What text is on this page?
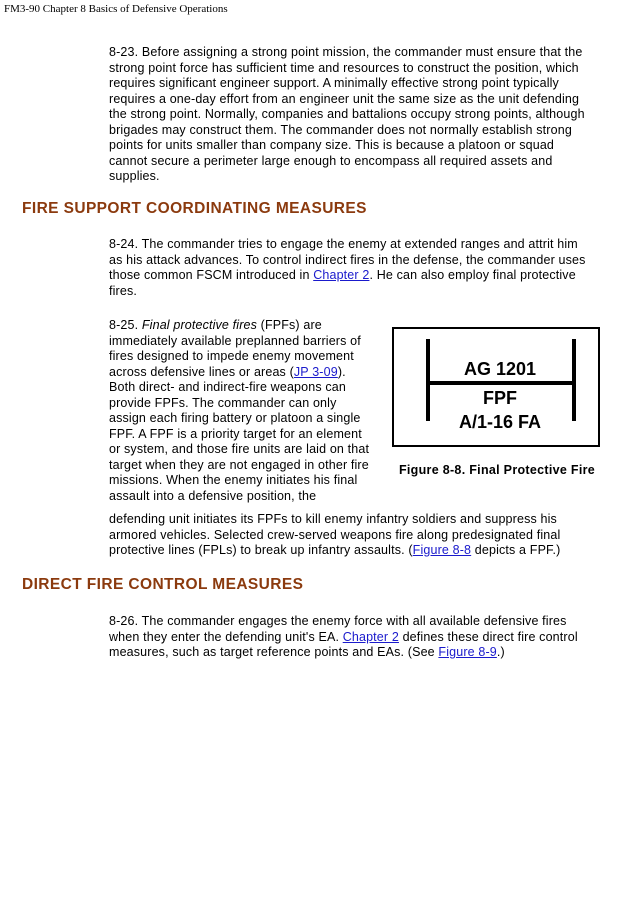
FM3-90 Chapter 8 Basics of Defensive Operations

8-23. Before assigning a strong point mission, the commander must ensure that the strong point force has sufficient time and resources to construct the position, which requires significant engineer support. A minimally effective strong point typically requires a one-day effort from an engineer unit the same size as the unit defending the strong point. Normally, companies and battalions occupy strong points, although brigades may construct them. The commander does not normally establish strong points for units smaller than company size. This is because a platoon or squad cannot secure a perimeter large enough to encompass all required assets and supplies.

FIRE SUPPORT COORDINATING MEASURES

8-24. The commander tries to engage the enemy at extended ranges and attrit him as his attack advances. To control indirect fires in the defense, the commander uses those common FSCM introduced in Chapter 2. He can also employ final protective fires.

8-25. Final protective fires (FPFs) are immediately available preplanned barriers of fires designed to impede enemy movement across defensive lines or areas (JP 3-09). Both direct- and indirect-fire weapons can provide FPFs. The commander can only assign each firing battery or platoon a single FPF. A FPF is a priority target for an element or system, and those fire units are laid on that target when they are not engaged in other fire missions. When the enemy initiates his final assault into a defensive position, the

defending unit initiates its FPFs to kill enemy infantry soldiers and suppress his armored vehicles. Selected crew-served weapons fire along predesignated final protective lines (FPLs) to break up infantry assaults. (Figure 8-8 depicts a FPF.)

AG 1201
FPF
A/1-16 FA
Figure 8-8. Final Protective Fire
DIRECT FIRE CONTROL MEASURES

8-26. The commander engages the enemy force with all available defensive fires when they enter the defending unit's EA. Chapter 2 defines these direct fire control measures, such as target reference points and EAs. (See Figure 8-9.)
